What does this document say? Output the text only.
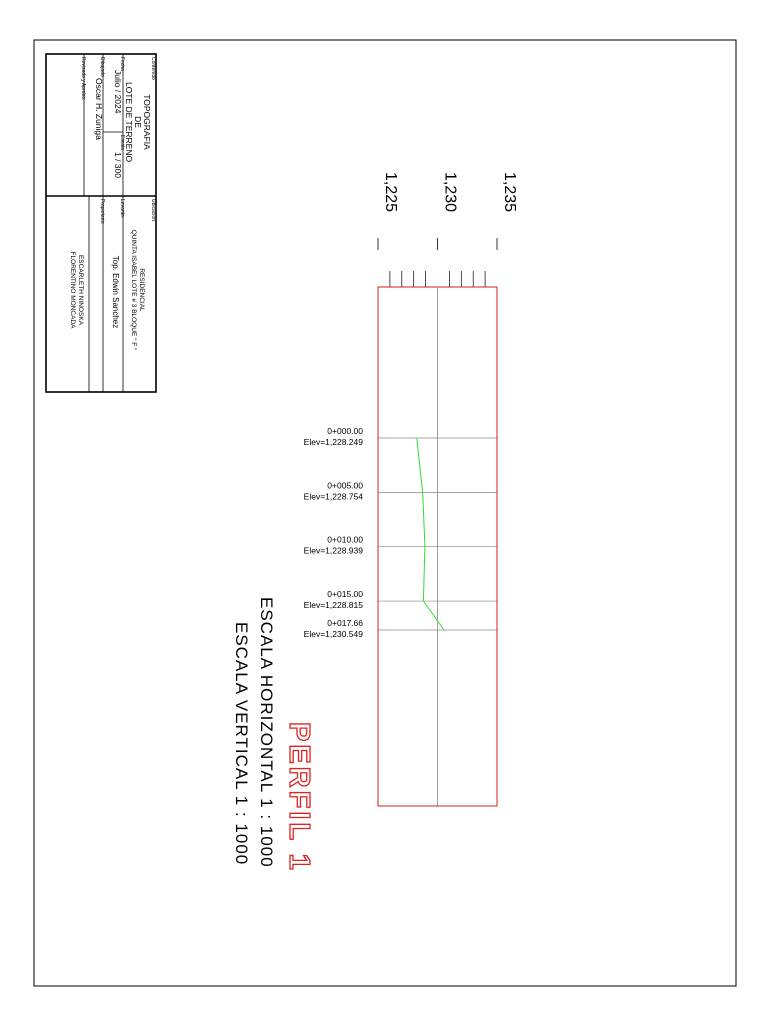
Contenido
TOPOGRAFIA
DE
LOTE DE TERRENO
Fecha
Julio / 2024
Escala
1 / 300
Dibujado
Oscar H. Zuniga
Revisado y Aprobo:
Ubicacion:
RESIDENCIAL
QUINTA ISABEL LOTE # 3 BLOQUE " F "
Levanto:
Top. Edwin Sanchez
Propietario:
ESCARLETH NINOSKA
FLORENTINO MONCADA
1,225	1,230	1,235
0+000.00
Elev=1,228.249
0+005.00
Elev=1,228.754
0+010.00
Elev=1,228.939
0+015.00
Elev=1,228.815
0+017.66
Elev=1,230.549
PERFIL 1
ESCALA HORIZONTAL 1 : 1000
ESCALA VERTICAL 1 : 1000
